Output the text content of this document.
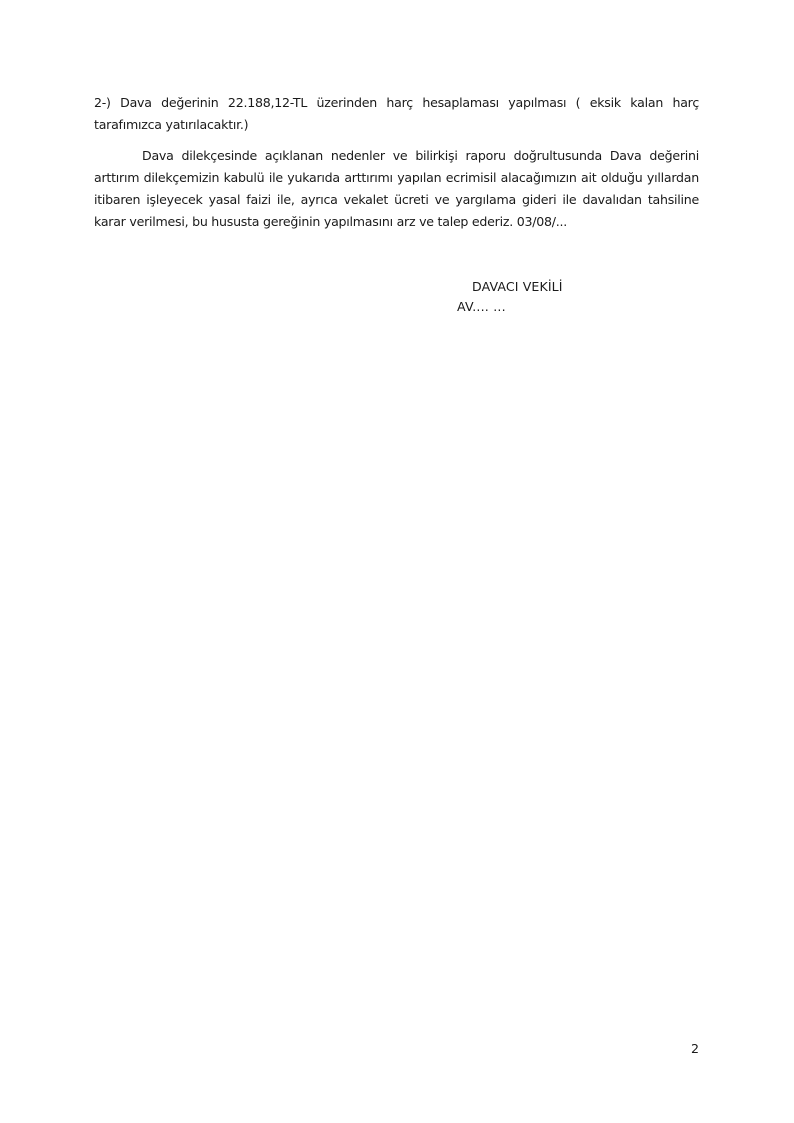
2-) Dava değerinin 22.188,12-TL üzerinden harç hesaplaması yapılması ( eksik kalan harç tarafımızca yatırılacaktır.)

Dava dilekçesinde açıklanan nedenler ve bilirkişi raporu doğrultusunda Dava değerini arttırım dilekçemizin kabulü ile yukarıda arttırımı yapılan ecrimisil alacağımızın ait olduğu yıllardan itibaren işleyecek yasal faizi ile, ayrıca vekalet ücreti ve yargılama gideri ile davalıdan tahsiline karar verilmesi, bu hususta gereğinin yapılmasını arz ve talep ederiz. 03/08/...

DAVACI VEKİLİ
AV.... ...
2
